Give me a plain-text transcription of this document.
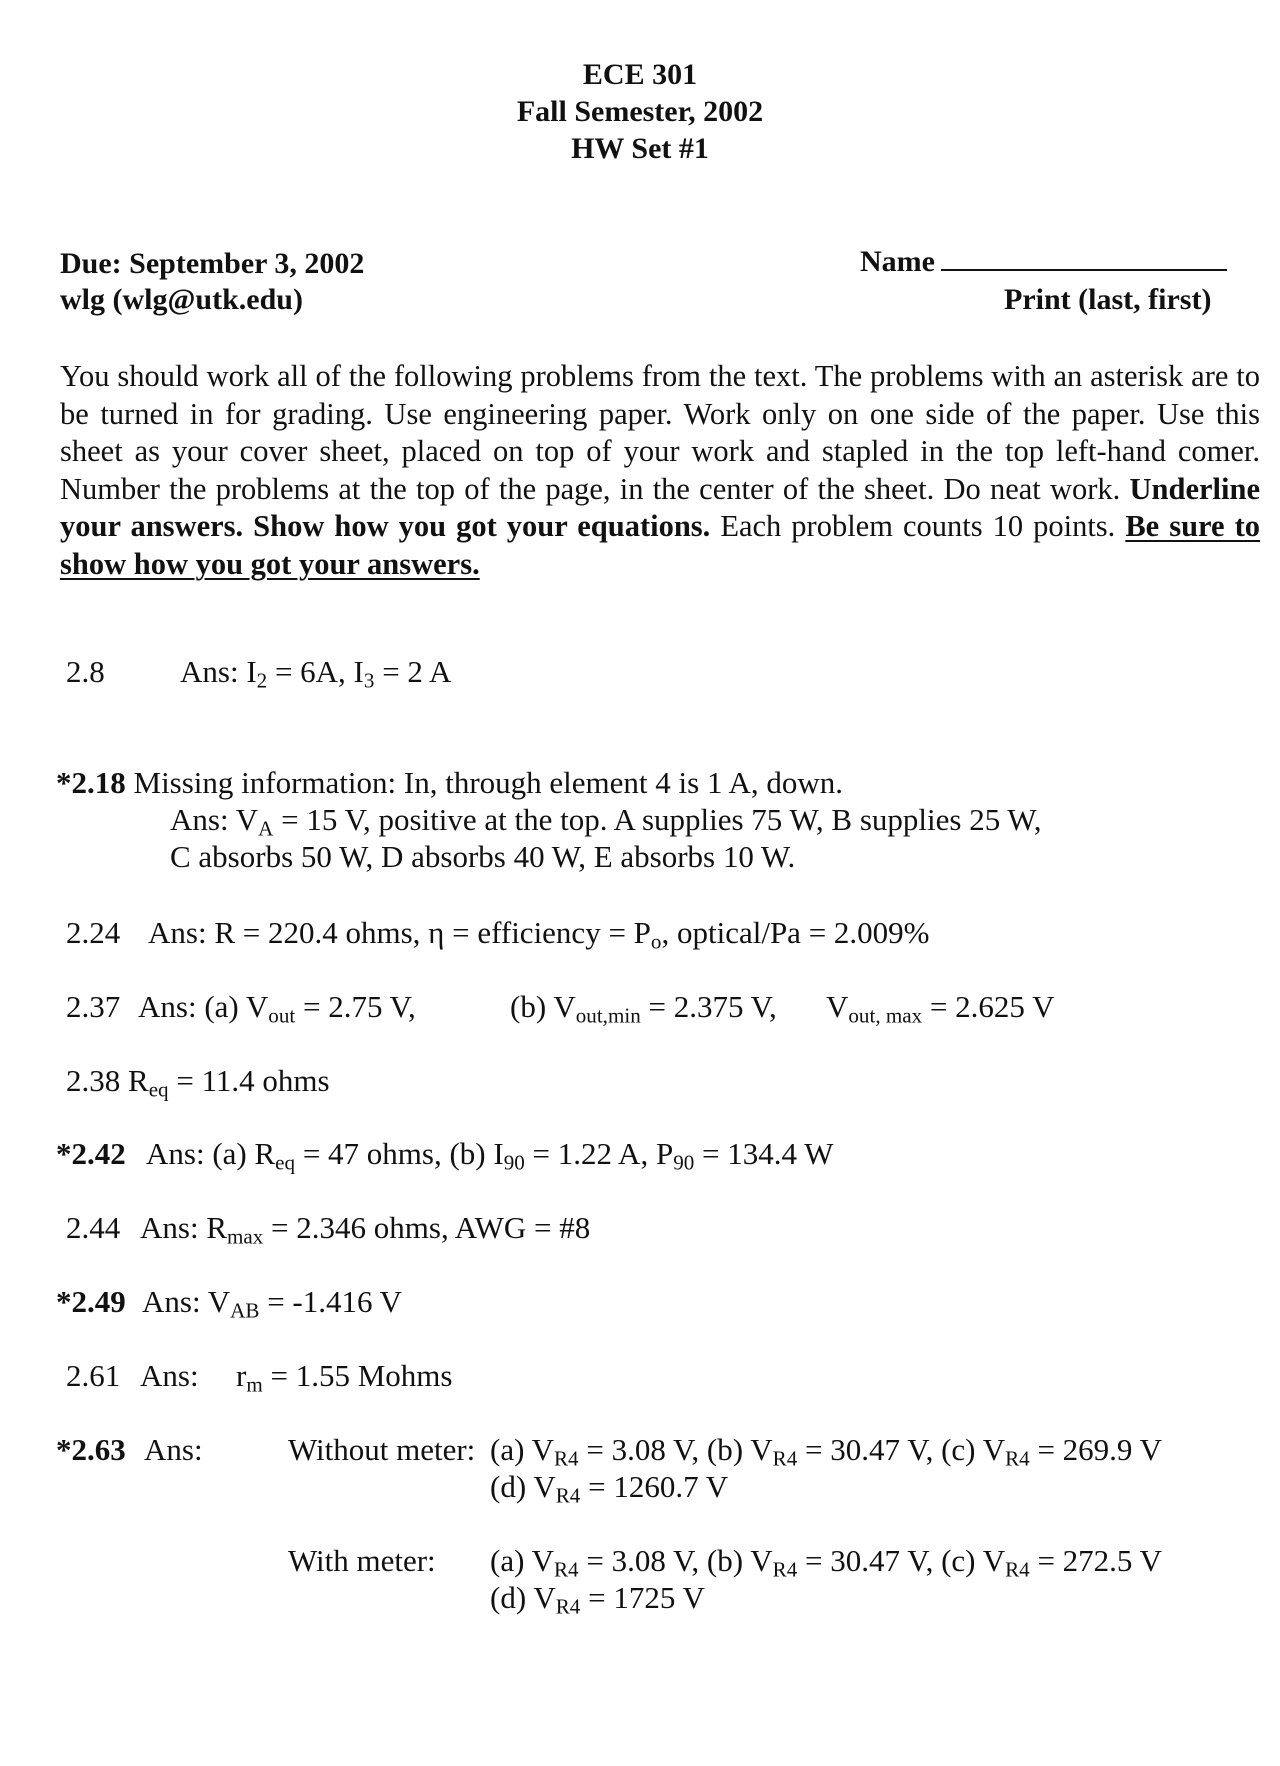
ECE 301
Fall Semester, 2002
HW Set #1
Due: September 3, 2002
wlg (wlg@utk.edu)
Name
Print (last, first)
You should work all of the following problems from the text. The problems with an asterisk are to be turned in for grading. Use engineering paper. Work only on one side of the paper. Use this sheet as your cover sheet, placed on top of your work and stapled in the top left-hand comer. Number the problems at the top of the page, in the center of the sheet. Do neat work. Underline your answers. Show how you got your equations. Each problem counts 10 points. Be sure to show how you got your answers.
2.8 Ans: $I_2 = 6A$, $I_3 = 2$ A
*2.18 Missing information: In, through element 4 is 1 A, down.
Ans: $V_A = 15$ V, positive at the top. A supplies 75 W, B supplies 25 W,
C absorbs 50 W, D absorbs 40 W, E absorbs 10 W.
2.24 Ans: R = 220.4 ohms, η = efficiency = $P_o$, optical/Pa = 2.009%
2.37 Ans: (a) $V_{out} = 2.75$ V,	(b) $V_{out,min} = 2.375$ V, $V_{out, max} = 2.625$ V
2.38 $R_{eq} = 11.4$ ohms
*2.42 Ans: (a) $R_{eq} = 47$ ohms, (b) $I_{90} = 1.22$ A, $P_{90} = 134.4$ W
2.44 Ans: $R_{max} = 2.346$ ohms, AWG = #8
*2.49 Ans: $V_{AB} = -1.416$ V
2.61 Ans: $r_m = 1.55$ Mohms
*2.63 Ans:	Without meter: (a) $V_{R4} = 3.08$ V, (b) $V_{R4} = 30.47$ V, (c) $V_{R4} = 269.9$ V
(d) $V_{R4} = 1260.7$ V
With meter: (a) $V_{R4} = 3.08$ V, (b) $V_{R4} = 30.47$ V, (c) $V_{R4} = 272.5$ V
(d) $V_{R4} = 1725$ V
